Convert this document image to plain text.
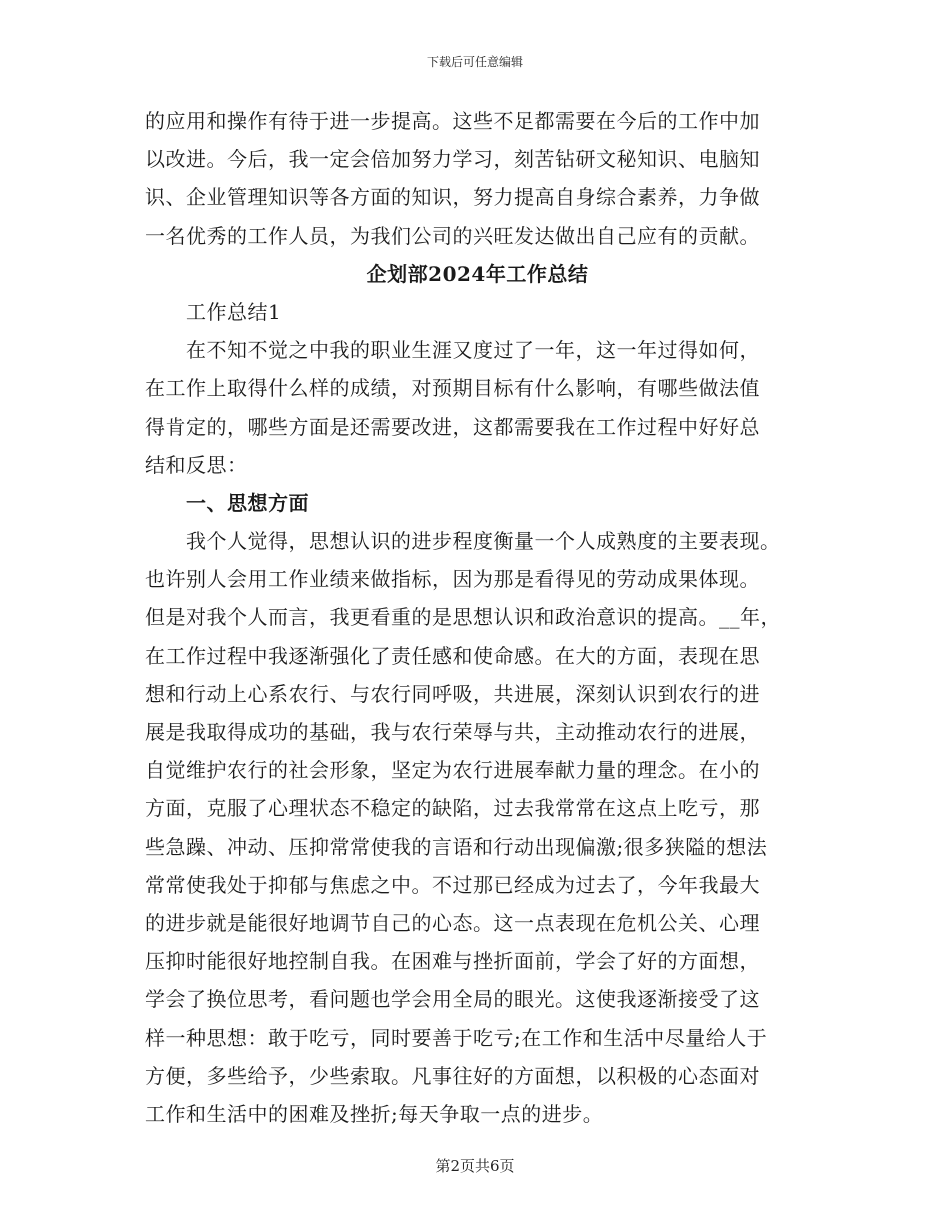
下载后可任意编辑
的应用和操作有待于进一步提高。这些不足都需要在今后的工作中加
以改进。今后，我一定会倍加努力学习，刻苦钻研文秘知识、电脑知
识、企业管理知识等各方面的知识，努力提高自身综合素养，力争做
一名优秀的工作人员，为我们公司的兴旺发达做出自己应有的贡献。
企划部2024年工作总结
工作总结1
在不知不觉之中我的职业生涯又度过了一年，这一年过得如何，
在工作上取得什么样的成绩，对预期目标有什么影响，有哪些做法值
得肯定的，哪些方面是还需要改进，这都需要我在工作过程中好好总
结和反思：
一、思想方面
我个人觉得，思想认识的进步程度衡量一个人成熟度的主要表现。
也许别人会用工作业绩来做指标，因为那是看得见的劳动成果体现。
但是对我个人而言，我更看重的是思想认识和政治意识的提高。__年，
在工作过程中我逐渐强化了责任感和使命感。在大的方面，表现在思
想和行动上心系农行、与农行同呼吸，共进展，深刻认识到农行的进
展是我取得成功的基础，我与农行荣辱与共，主动推动农行的进展，
自觉维护农行的社会形象，坚定为农行进展奉献力量的理念。在小的
方面，克服了心理状态不稳定的缺陷，过去我常常在这点上吃亏，那
些急躁、冲动、压抑常常使我的言语和行动出现偏激;很多狭隘的想法
常常使我处于抑郁与焦虑之中。不过那已经成为过去了，今年我最大
的进步就是能很好地调节自己的心态。这一点表现在危机公关、心理
压抑时能很好地控制自我。在困难与挫折面前，学会了好的方面想，
学会了换位思考，看问题也学会用全局的眼光。这使我逐渐接受了这
样一种思想：敢于吃亏，同时要善于吃亏;在工作和生活中尽量给人于
方便，多些给予，少些索取。凡事往好的方面想，以积极的心态面对
工作和生活中的困难及挫折;每天争取一点的进步。
第2页共6页
